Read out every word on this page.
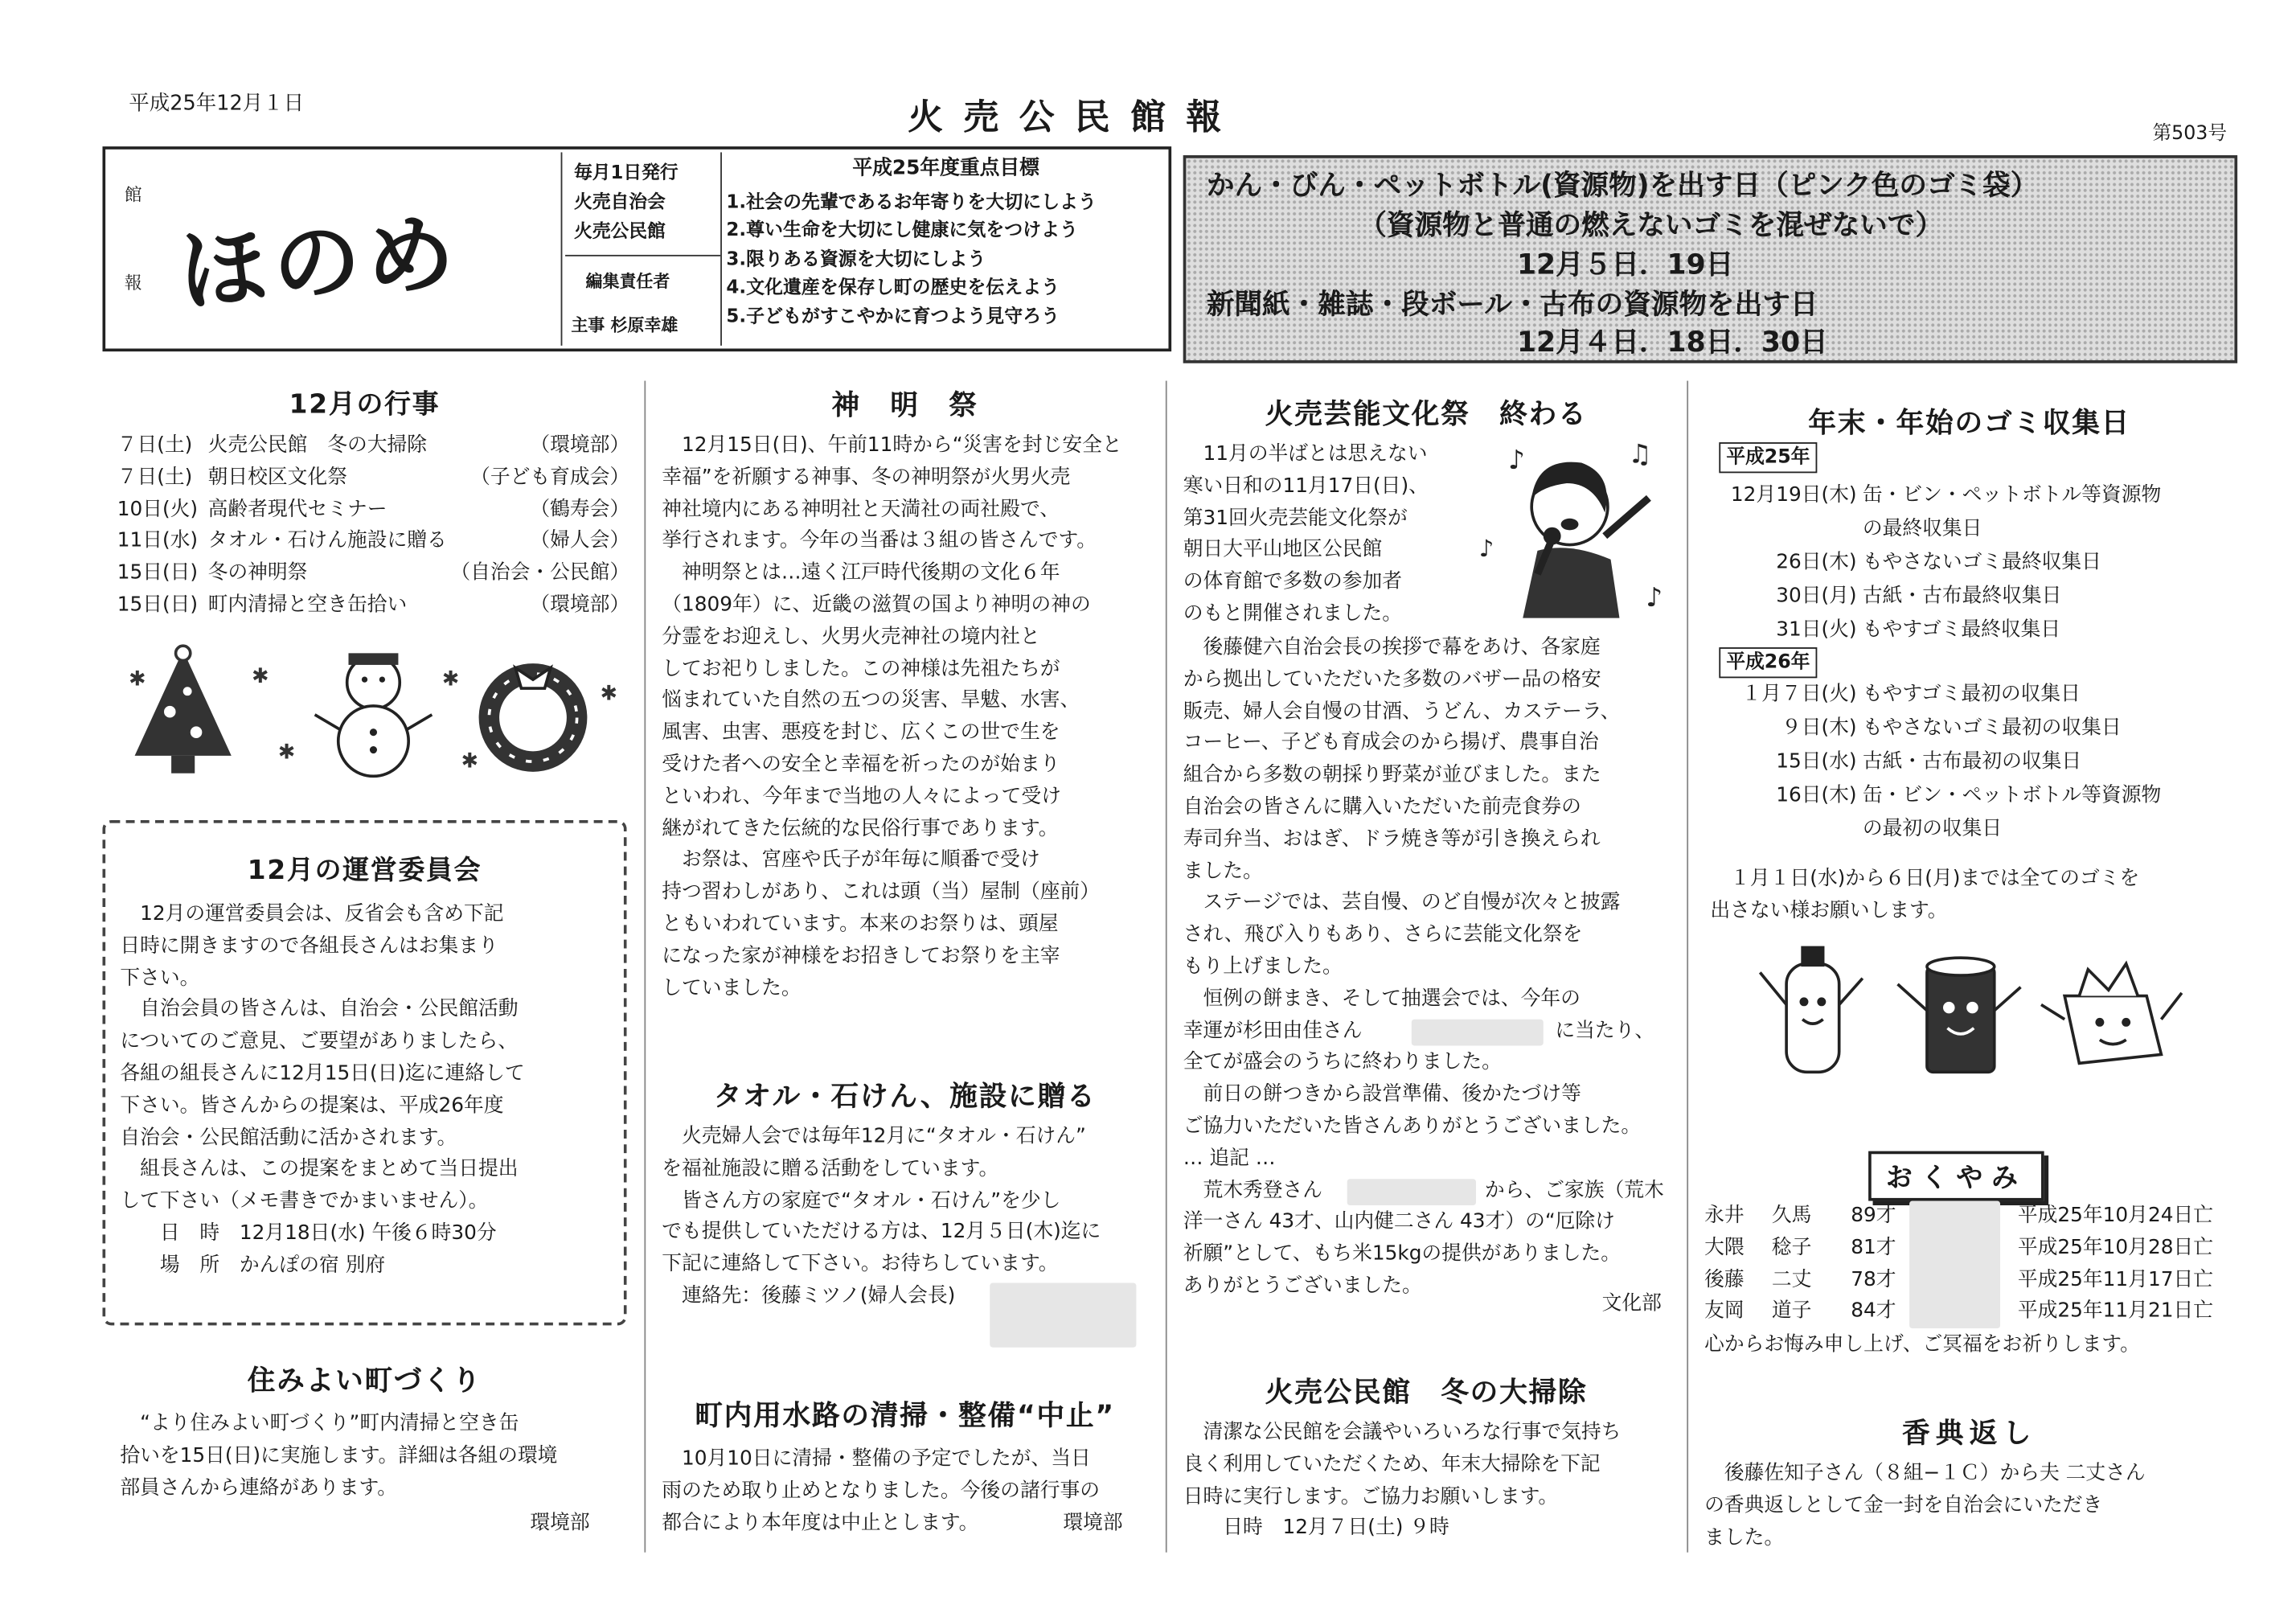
平成25年12月１日	火売公民館報	第503号
館
報 ほのめ
毎月1日発行
火売自治会
火売公民館
編集責任者
主事 杉原幸雄
平成25年度重点目標
1.社会の先輩であるお年寄りを大切にしよう
2.尊い生命を大切にし健康に気をつけよう
3.限りある資源を大切にしよう
4.文化遺産を保存し町の歴史を伝えよう
5.子どもがすこやかに育つよう見守ろう
かん・びん・ペットボトル(資源物)を出す日（ピンク色のゴミ袋）
（資源物と普通の燃えないゴミを混ぜないで）
12月５日．19日
新聞紙・雑誌・段ボール・古布の資源物を出す日
12月４日．18日．30日
12月の行事
７日(土) 火売公民館　冬の大掃除	（環境部）
７日(土) 朝日校区文化祭	（子ども育成会）
10日(火) 高齢者現代セミナー	（鶴寿会）
11日(水) タオル・石けん施設に贈る	（婦人会）
15日(日) 冬の神明祭	（自治会・公民館）
15日(日) 町内清掃と空き缶拾い	（環境部）
✱	✱
✱
✱
✱
✱
12月の運営委員会

　12月の運営委員会は、反省会も含め下記

日時に開きますので各組長さんはお集まり

下さい。

　自治会員の皆さんは、自治会・公民館活動

についてのご意見、ご要望がありましたら、

各組の組長さんに12月15日(日)迄に連絡して

下さい。皆さんからの提案は、平成26年度

自治会・公民館活動に活かされます。

　組長さんは、この提案をまとめて当日提出

して下さい（メモ書きでかまいません）。

　　日　時　12月18日(水) 午後６時30分

　　場　所　かんぽの宿 別府

住みよい町づくり

　“より住みよい町づくり”町内清掃と空き缶

拾いを15日(日)に実施します。詳細は各組の環境

部員さんから連絡があります。

環境部
神　明　祭

　12月15日(日)、午前11時から“災害を封じ安全と

幸福”を祈願する神事、冬の神明祭が火男火売

神社境内にある神明社と天満社の両社殿で、

挙行されます。今年の当番は３組の皆さんです。

　神明祭とは…遠く江戸時代後期の文化６年

（1809年）に、近畿の滋賀の国より神明の神の

分霊をお迎えし、火男火売神社の境内社と

してお祀りしました。この神様は先祖たちが

悩まれていた自然の五つの災害、旱魃、水害、

風害、虫害、悪疫を封じ、広くこの世で生を

受けた者への安全と幸福を祈ったのが始まり

といわれ、今年まで当地の人々によって受け

継がれてきた伝統的な民俗行事であります。

　お祭は、宮座や氏子が年毎に順番で受け

持つ習わしがあり、これは頭（当）屋制（座前）

ともいわれています。本来のお祭りは、頭屋

になった家が神様をお招きしてお祭りを主宰

していました。

タオル・石けん、施設に贈る

　火売婦人会では毎年12月に“タオル・石けん”

を福祉施設に贈る活動をしています。

　皆さん方の家庭で“タオル・石けん”を少し

でも提供していただける方は、12月５日(木)迄に

下記に連絡して下さい。お待ちしています。

　連絡先：後藤ミツノ(婦人会長)

町内用水路の清掃・整備“中止”

　10月10日に清掃・整備の予定でしたが、当日

雨のため取り止めとなりました。今後の諸行事の

都合により本年度は中止とします。	環境部
火売芸能文化祭　終わる

　11月の半ばとは思えない

寒い日和の11月17日(日)、

第31回火売芸能文化祭が

朝日大平山地区公民館

の体育館で多数の参加者

のもと開催されました。

♪	♫
♪
♪

　後藤健六自治会長の挨拶で幕をあけ、各家庭

から拠出していただいた多数のバザー品の格安

販売、婦人会自慢の甘酒、うどん、カステーラ、

コーヒー、子ども育成会のから揚げ、農事自治

組合から多数の朝採り野菜が並びました。また

自治会の皆さんに購入いただいた前売食券の

寿司弁当、おはぎ、ドラ焼き等が引き換えられ

ました。

　ステージでは、芸自慢、のど自慢が次々と披露

され、飛び入りもあり、さらに芸能文化祭を

もり上げました。

　恒例の餅まき、そして抽選会では、今年の

幸運が杉田由佳さん	に当たり、

全てが盛会のうちに終わりました。

　前日の餅つきから設営準備、後かたづけ等

ご協力いただいた皆さんありがとうございました。

… 追記 …

　荒木秀登さん	から、ご家族（荒木

洋一さん 43才、山内健二さん 43才）の“厄除け

祈願”として、もち米15kgの提供がありました。

ありがとうございました。

文化部
火売公民館　冬の大掃除

　清潔な公民館を会議やいろいろな行事で気持ち

良く利用していただくため、年末大掃除を下記

日時に実行します。ご協力お願いします。

　　日時　12月７日(土) ９時

年末・年始のゴミ収集日
平成25年
12月19日(木) 缶・ビン・ペットボトル等資源物
の最終収集日
26日(木) もやさないゴミ最終収集日
30日(月) 古紙・古布最終収集日
31日(火) もやすゴミ最終収集日
平成26年
１月７日(火) もやすゴミ最初の収集日
９日(木) もやさないゴミ最初の収集日
15日(水) 古紙・古布最初の収集日
16日(木) 缶・ビン・ペットボトル等資源物
の最初の収集日

　１月１日(水)から６日(月)までは全てのゴミを

出さない様お願いします。

おくやみ
永井	久馬	89才	平成25年10月24日亡
大隈	稔子	81才	平成25年10月28日亡
後藤	二丈	78才	平成25年11月17日亡
友岡	道子	84才	平成25年11月21日亡
心からお悔み申し上げ、ご冥福をお祈りします。
香典返し

　後藤佐知子さん（８組−１Ｃ）から夫 二丈さん

の香典返しとして金一封を自治会にいただき

ました。
